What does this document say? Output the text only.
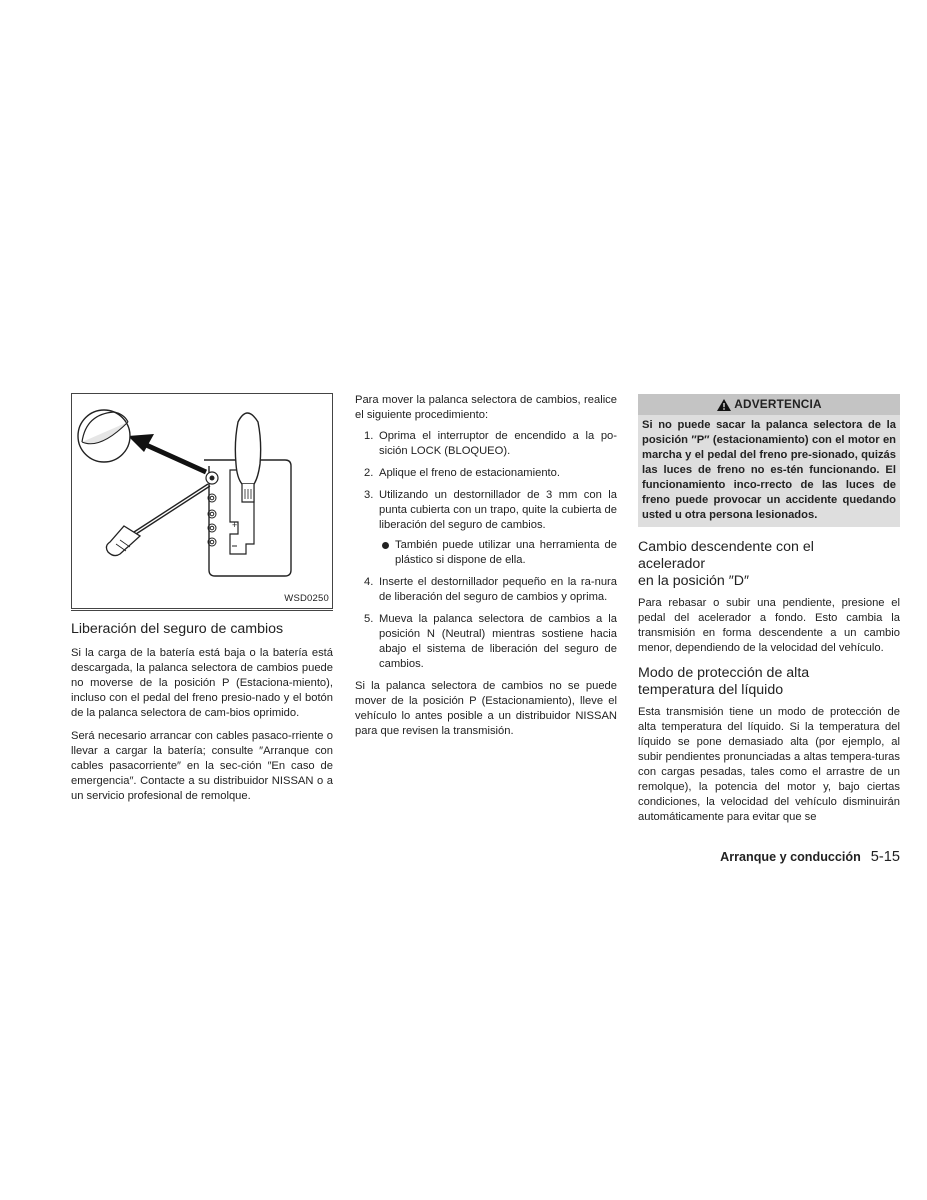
+
WSD0250
Liberación del seguro de cambios

Si la carga de la batería está baja o la batería está descargada, la palanca selectora de cambios puede no moverse de la posición P (Estaciona-miento), incluso con el pedal del freno presio-nado y el botón de la palanca selectora de cam-bios oprimido.

Será necesario arrancar con cables pasaco-rriente o llevar a cargar la batería; consulte ″Arranque con cables pasacorriente″ en la sec-ción ″En caso de emergencia″. Contacte a su distribuidor NISSAN o a un servicio profesional de remolque.

Para mover la palanca selectora de cambios, realice el siguiente procedimiento:

1. Oprima el interruptor de encendido a la po-sición LOCK (BLOQUEO).
2. Aplique el freno de estacionamiento.
3. Utilizando un destornillador de 3 mm con la punta cubierta con un trapo, quite la cubierta de liberación del seguro de cambios.
También puede utilizar una herramienta de plástico si dispone de ella.
4. Inserte el destornillador pequeño en la ra-nura de liberación del seguro de cambios y oprima.
5. Mueva la palanca selectora de cambios a la posición N (Neutral) mientras sostiene hacia abajo el sistema de liberación del seguro de cambios.

Si la palanca selectora de cambios no se puede mover de la posición P (Estacionamiento), lleve el vehículo lo antes posible a un distribuidor NISSAN para que revisen la transmisión.

ADVERTENCIA
Si no puede sacar la palanca selectora de la posición ″P″ (estacionamiento) con el motor en marcha y el pedal del freno pre-sionado, quizás las luces de freno no es-tén funcionando. El funcionamiento inco-rrecto de las luces de freno puede provocar un accidente quedando usted u otra persona lesionados.
Cambio descendente con el
acelerador
en la posición ″D″

Para rebasar o subir una pendiente, presione el pedal del acelerador a fondo. Esto cambia la transmisión en forma descendente a un cambio menor, dependiendo de la velocidad del vehículo.

Modo de protección de alta
temperatura del líquido

Esta transmisión tiene un modo de protección de alta temperatura del líquido. Si la temperatura del líquido se pone demasiado alta (por ejemplo, al subir pendientes pronunciadas a altas tempera-turas con cargas pesadas, tales como el arrastre de un remolque), la potencia del motor y, bajo ciertas condiciones, la velocidad del vehículo disminuirán automáticamente para evitar que se

Arranque y conducción 5-15
